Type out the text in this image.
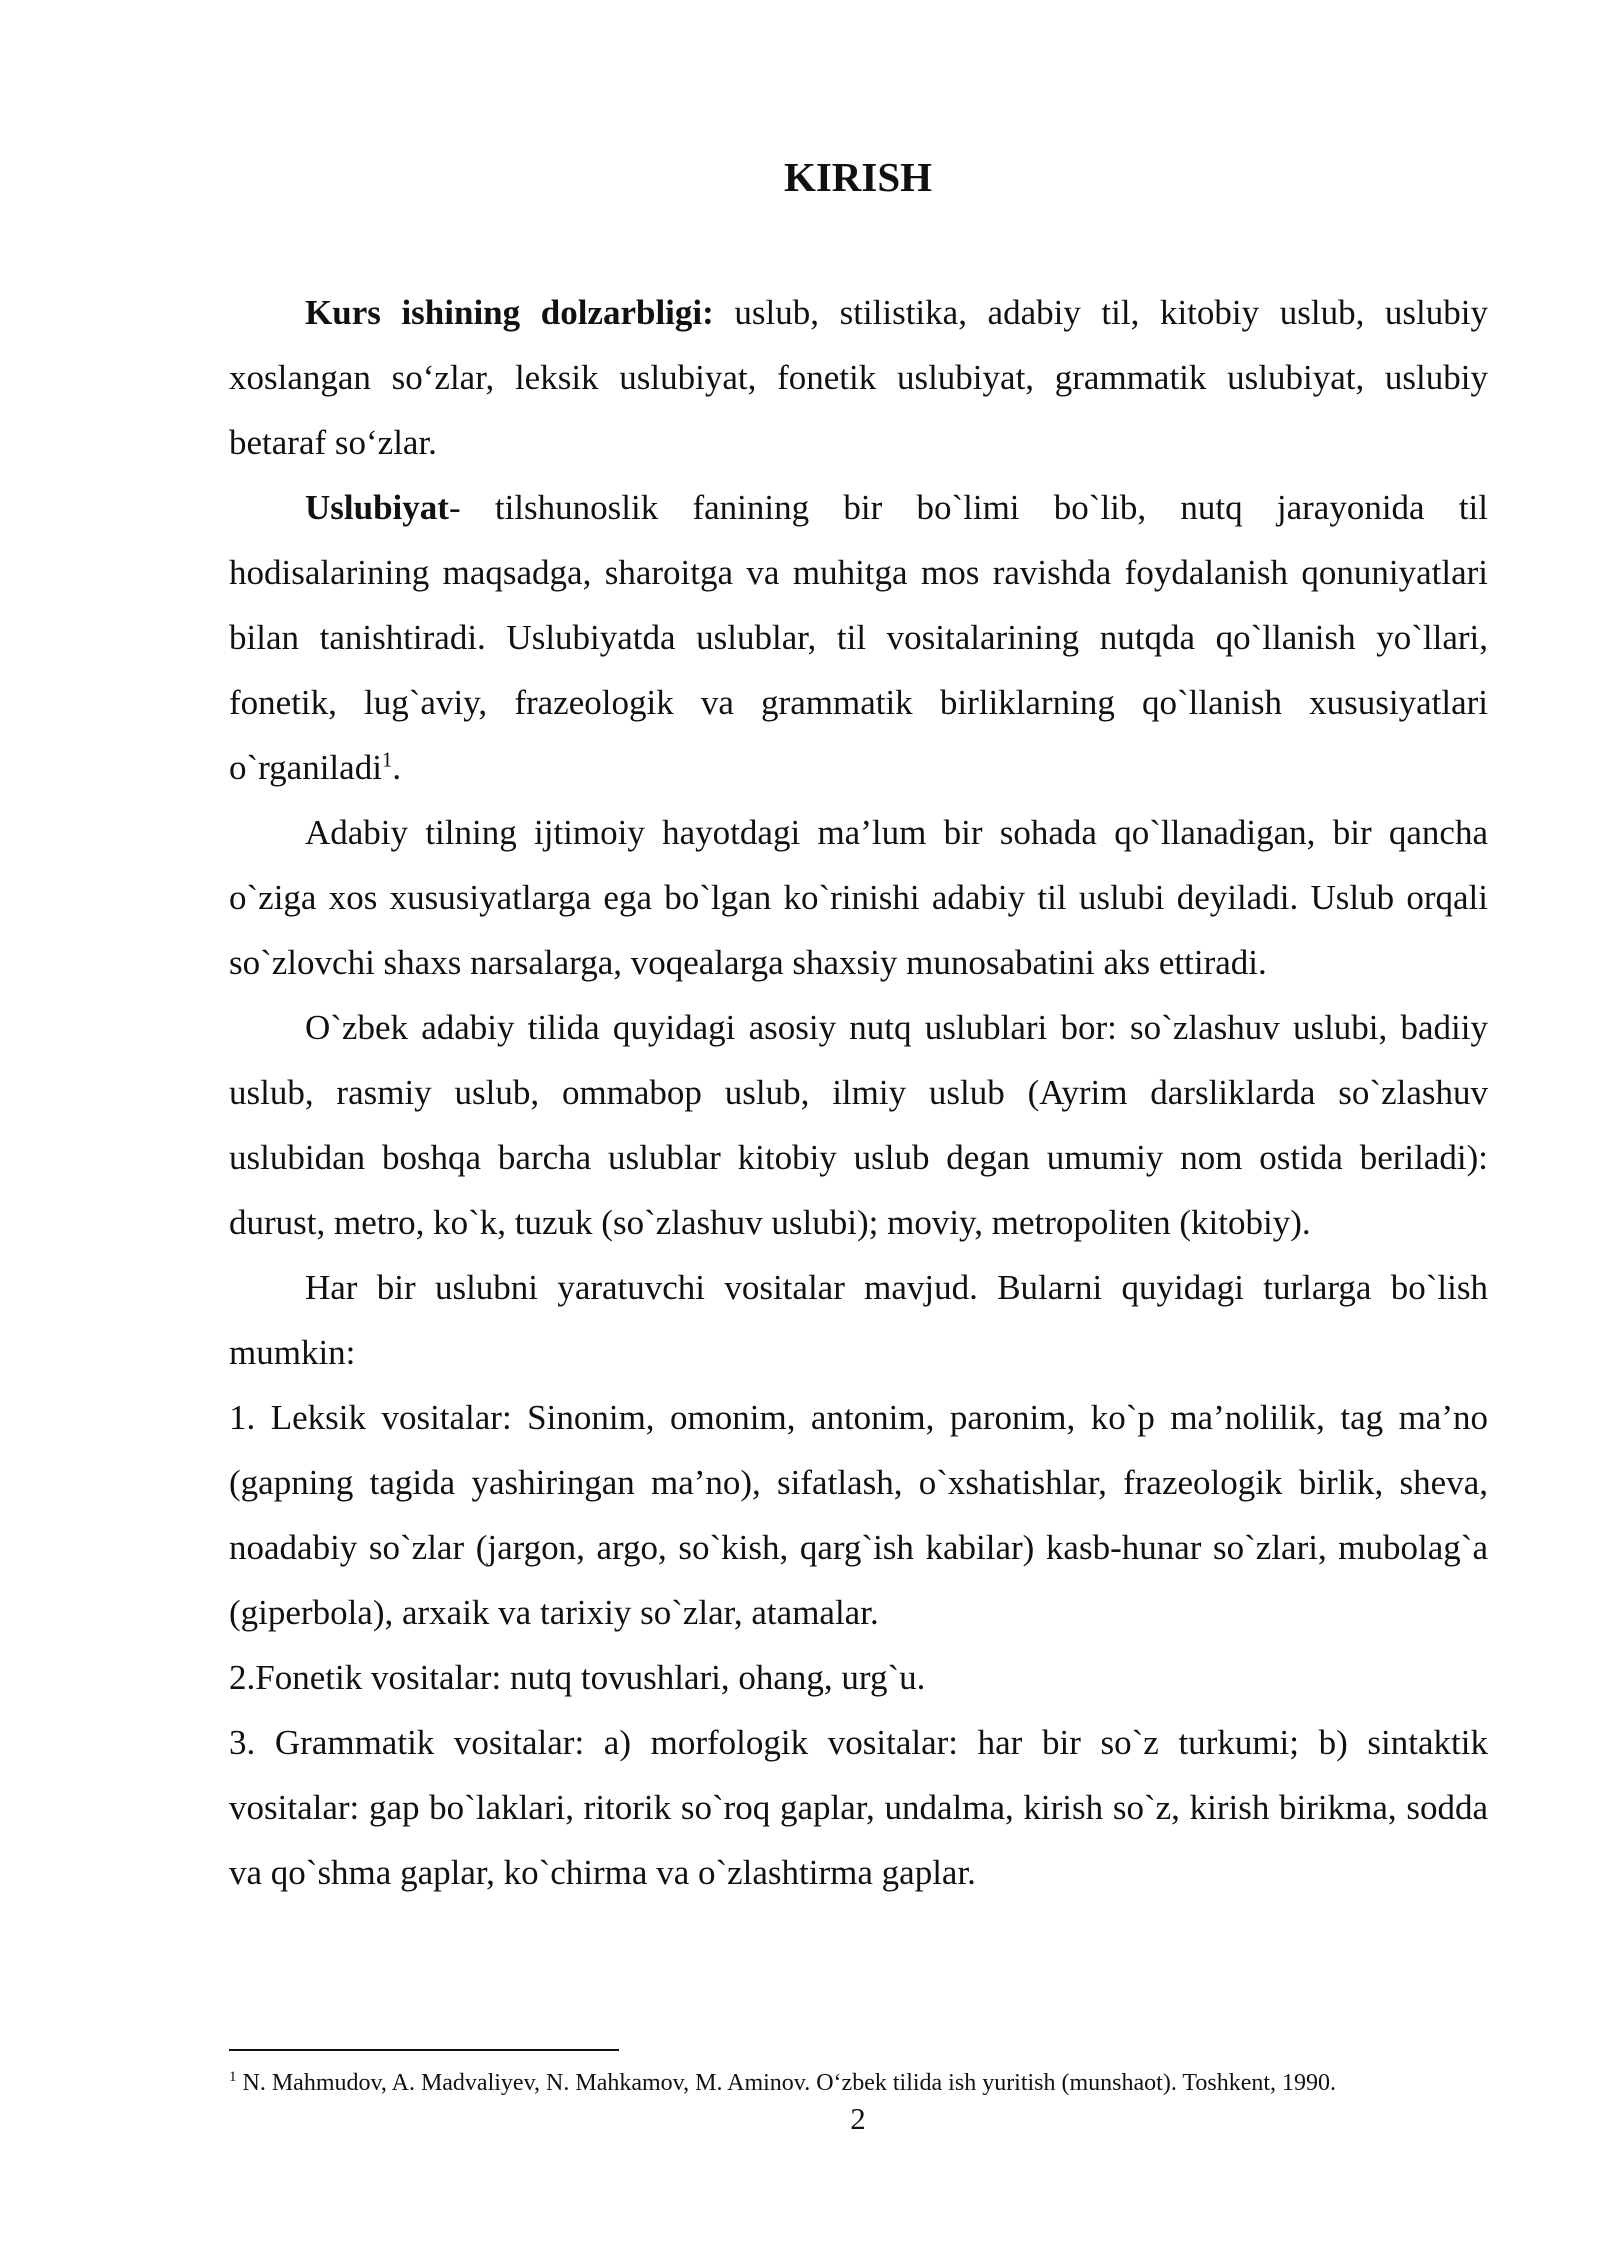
KIRISH

Kurs ishining dolzarbligi: uslub, stilistika, adabiy til, kitobiy uslub, uslubiy xoslangan so‘zlar, leksik uslubiyat, fonetik uslubiyat, grammatik uslubiyat, uslubiy betaraf so‘zlar.

Uslubiyat- tilshunoslik fanining bir bo`limi bo`lib, nutq jarayonida til hodisalarining maqsadga, sharoitga va muhitga mos ravishda foydalanish qonuniyatlari bilan tanishtiradi. Uslubiyatda uslublar, til vositalarining nutqda qo`llanish yo`llari, fonetik, lug`aviy, frazeologik va grammatik birliklarning qo`llanish xususiyatlari o`rganiladi$^1$.

Adabiy tilning ijtimoiy hayotdagi ma’lum bir sohada qo`llanadigan, bir qancha o`ziga xos xususiyatlarga ega bo`lgan ko`rinishi adabiy til uslubi deyiladi. Uslub orqali so`zlovchi shaxs narsalarga, voqealarga shaxsiy munosabatini aks ettiradi.

O`zbek adabiy tilida quyidagi asosiy nutq uslublari bor: so`zlashuv uslubi, badiiy uslub, rasmiy uslub, ommabop uslub, ilmiy uslub (Ayrim darsliklarda so`zlashuv uslubidan boshqa barcha uslublar kitobiy uslub degan umumiy nom ostida beriladi): durust, metro, ko`k, tuzuk (so`zlashuv uslubi); moviy, metropoliten (kitobiy).

Har bir uslubni yaratuvchi vositalar mavjud. Bularni quyidagi turlarga bo`lish mumkin:

1. Leksik vositalar: Sinonim, omonim, antonim, paronim, ko`p ma’nolilik, tag ma’no (gapning tagida yashiringan ma’no), sifatlash, o`xshatishlar, frazeologik birlik, sheva, noadabiy so`zlar (jargon, argo, so`kish, qarg`ish kabilar) kasb-hunar so`zlari, mubolag`a (giperbola), arxaik va tarixiy so`zlar, atamalar.

2.Fonetik vositalar: nutq tovushlari, ohang, urg`u.

3. Grammatik vositalar: a) morfologik vositalar: har bir so`z turkumi; b) sintaktik vositalar: gap bo`laklari, ritorik so`roq gaplar, undalma, kirish so`z, kirish birikma, sodda va qo`shma gaplar, ko`chirma va o`zlashtirma gaplar.

$^1$ N. Mahmudov, A. Madvaliyev, N. Mahkamov, M. Aminov. O‘zbek tilida ish yuritish (munshaot). Toshkent, 1990.
2
